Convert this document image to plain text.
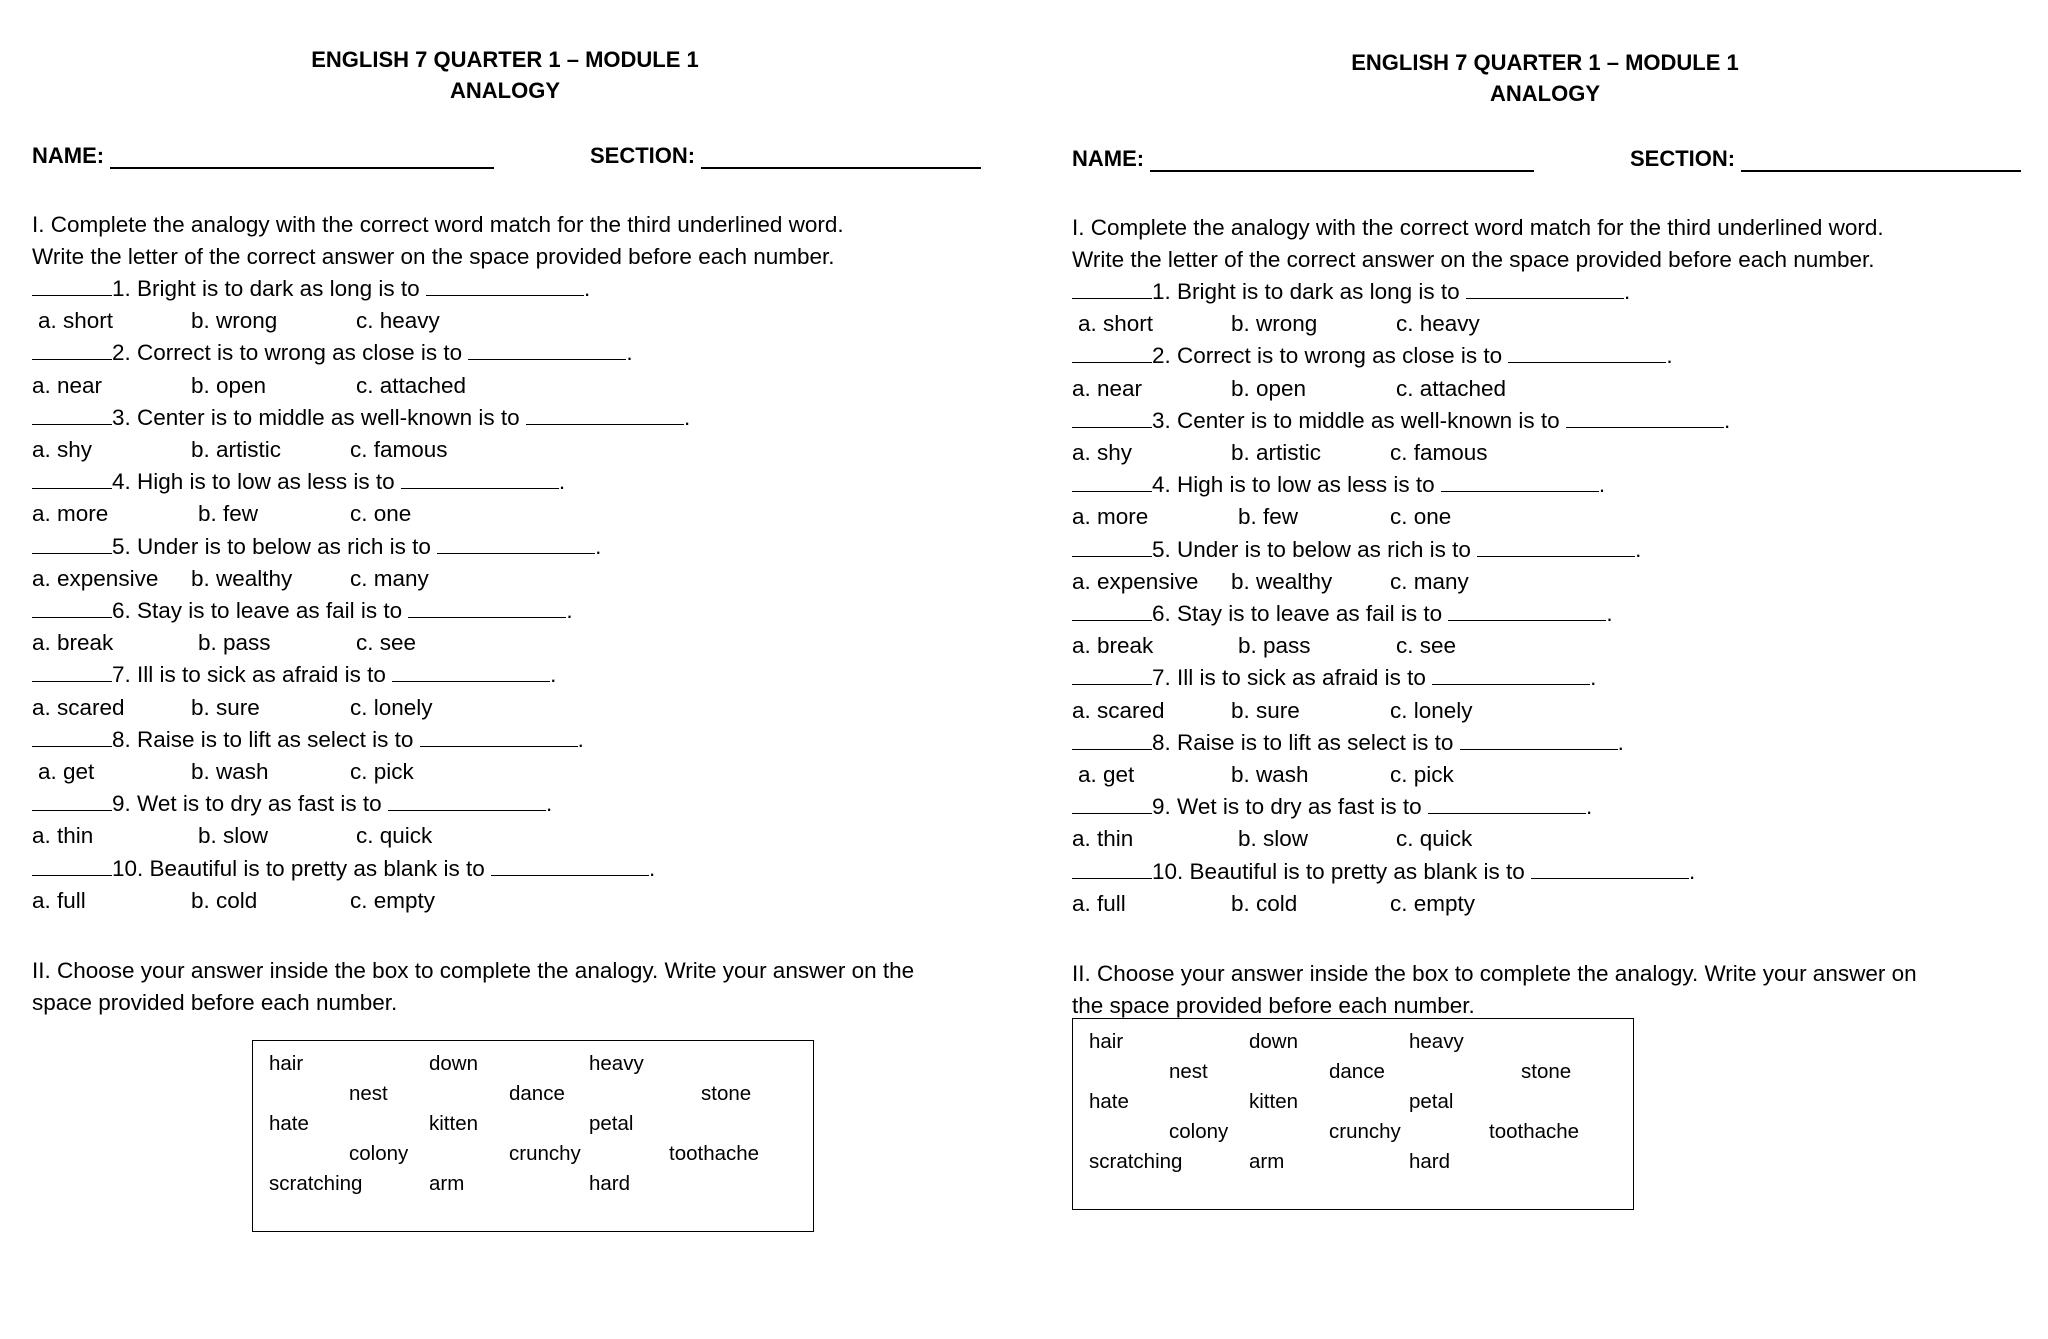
ENGLISH 7 QUARTER 1 – MODULE 1
ANALOGY
NAME:	SECTION:
I. Complete the analogy with the correct word match for the third underlined word.
Write the letter of the correct answer on the space provided before each number.
1. Bright is to dark as long is to	.
a. short	b. wrong	c. heavy
2. Correct is to wrong as close is to	.
a. near	b. open	c. attached
3. Center is to middle as well-known is to	.
a. shy	b. artistic	c. famous
4. High is to low as less is to	.
a. more	b. few	c. one
5. Under is to below as rich is to	.
a. expensive b. wealthy	c. many
6. Stay is to leave as fail is to	.
a. break	b. pass	c. see
7. Ill is to sick as afraid is to	.
a. scared	b. sure	c. lonely
8. Raise is to lift as select is to	.
a. get	b. wash	c. pick
9. Wet is to dry as fast is to	.
a. thin	b. slow	c. quick
10. Beautiful is to pretty as blank is to	.
a. full	b. cold	c. empty
II. Choose your answer inside the box to complete the analogy. Write your answer on the
space provided before each number.
hair	down	heavy
nest	dance	stone
hate	kitten	petal
colony	crunchy	toothache
scratching	arm	hard
ENGLISH 7 QUARTER 1 – MODULE 1
ANALOGY
NAME:	SECTION:
I. Complete the analogy with the correct word match for the third underlined word.
Write the letter of the correct answer on the space provided before each number.
1. Bright is to dark as long is to	.
a. short	b. wrong	c. heavy
2. Correct is to wrong as close is to	.
a. near	b. open	c. attached
3. Center is to middle as well-known is to	.
a. shy	b. artistic	c. famous
4. High is to low as less is to	.
a. more	b. few	c. one
5. Under is to below as rich is to	.
a. expensive b. wealthy	c. many
6. Stay is to leave as fail is to	.
a. break	b. pass	c. see
7. Ill is to sick as afraid is to	.
a. scared	b. sure	c. lonely
8. Raise is to lift as select is to	.
a. get	b. wash	c. pick
9. Wet is to dry as fast is to	.
a. thin	b. slow	c. quick
10. Beautiful is to pretty as blank is to	.
a. full	b. cold	c. empty
II. Choose your answer inside the box to complete the analogy. Write your answer on
the space provided before each number.
hair	down	heavy
nest	dance	stone
hate	kitten	petal
colony	crunchy	toothache
scratching	arm	hard
